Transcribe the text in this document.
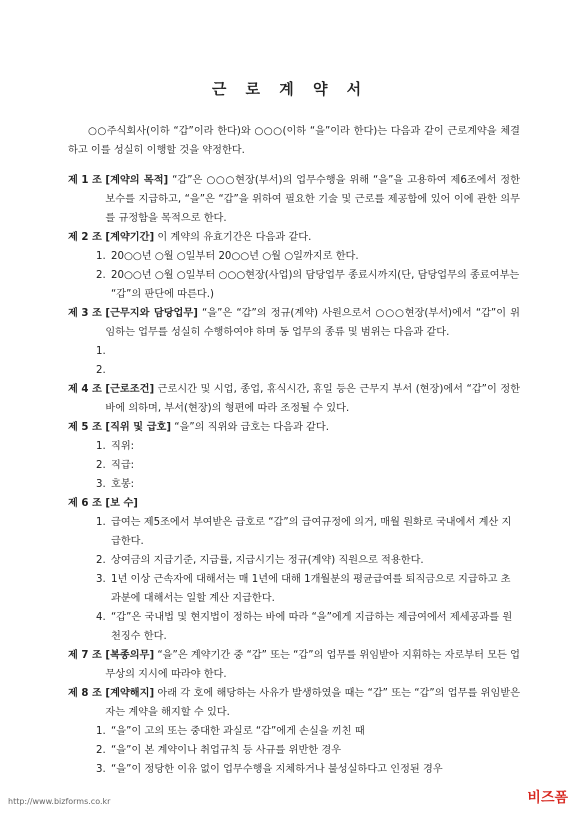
근 로 계 약 서
○○주식회사(이하 “갑”이라 한다)와 ○○○(이하 “을”이라 한다)는 다음과 같이 근로계약을 체결하고 이를 성실히 이행할 것을 약정한다.
제 1 조 [계약의 목적] “갑”은 ○○○현장(부서)의 업무수행을 위해 “을”을 고용하여 제6조에서 정한 보수를 지급하고, “을”은 “갑”을 위하여 필요한 기술 및 근로를 제공함에 있어 이에 관한 의무를 규정함을 목적으로 한다.
제 2 조 [계약기간] 이 계약의 유효기간은 다음과 같다.
1. 20○○년 ○월 ○일부터 20○○년 ○월 ○일까지로 한다.
2. 20○○년 ○월 ○일부터 ○○○현장(사업)의 담당업무 종료시까지(단, 담당업무의 종료여부는 “갑”의 판단에 따른다.)
제 3 조 [근무지와 담당업무] “을”은 “갑”의 정규(계약) 사원으로서 ○○○현장(부서)에서 “갑”이 위임하는 업무를 성실히 수행하여야 하며 동 업무의 종류 및 범위는 다음과 같다.
1.
2.
제 4 조 [근로조건] 근로시간 및 시업, 종업, 휴식시간, 휴일 등은 근무지 부서 (현장)에서 “갑”이 정한 바에 의하며, 부서(현장)의 형편에 따라 조정될 수 있다.
제 5 조 [직위 및 급호] “을”의 직위와 급호는 다음과 같다.
1. 직위:
2. 직급:
3. 호봉:
제 6 조 [보 수]
1. 급여는 제5조에서 부여받은 급호로 “갑”의 급여규정에 의거, 매월 원화로 국내에서 계산 지급한다.
2. 상여금의 지급기준, 지급률, 지급시기는 정규(계약) 직원으로 적용한다.
3. 1년 이상 근속자에 대해서는 매 1년에 대해 1개월분의 평균급여를 퇴직금으로 지급하고 초과분에 대해서는 일할 계산 지급한다.
4. “갑”은 국내법 및 현지법이 정하는 바에 따라 “을”에게 지급하는 제급여에서 제세공과를 원천징수 한다.
제 7 조 [복종의무] “을”은 계약기간 중 “갑” 또는 “갑”의 업무를 위임받아 지휘하는 자로부터 모든 업무상의 지시에 따라야 한다.
제 8 조 [계약해지] 아래 각 호에 해당하는 사유가 발생하였을 때는 “갑” 또는 “갑”의 업무를 위임받은 자는 계약을 해지할 수 있다.
1. “을”이 고의 또는 중대한 과실로 “갑”에게 손실을 끼친 때
2. “을”이 본 계약이나 취업규칙 등 사규를 위반한 경우
3. “을”이 정당한 이유 없이 업무수행을 지체하거나 불성실하다고 인정된 경우
http://www.bizforms.co.kr	비즈폼
